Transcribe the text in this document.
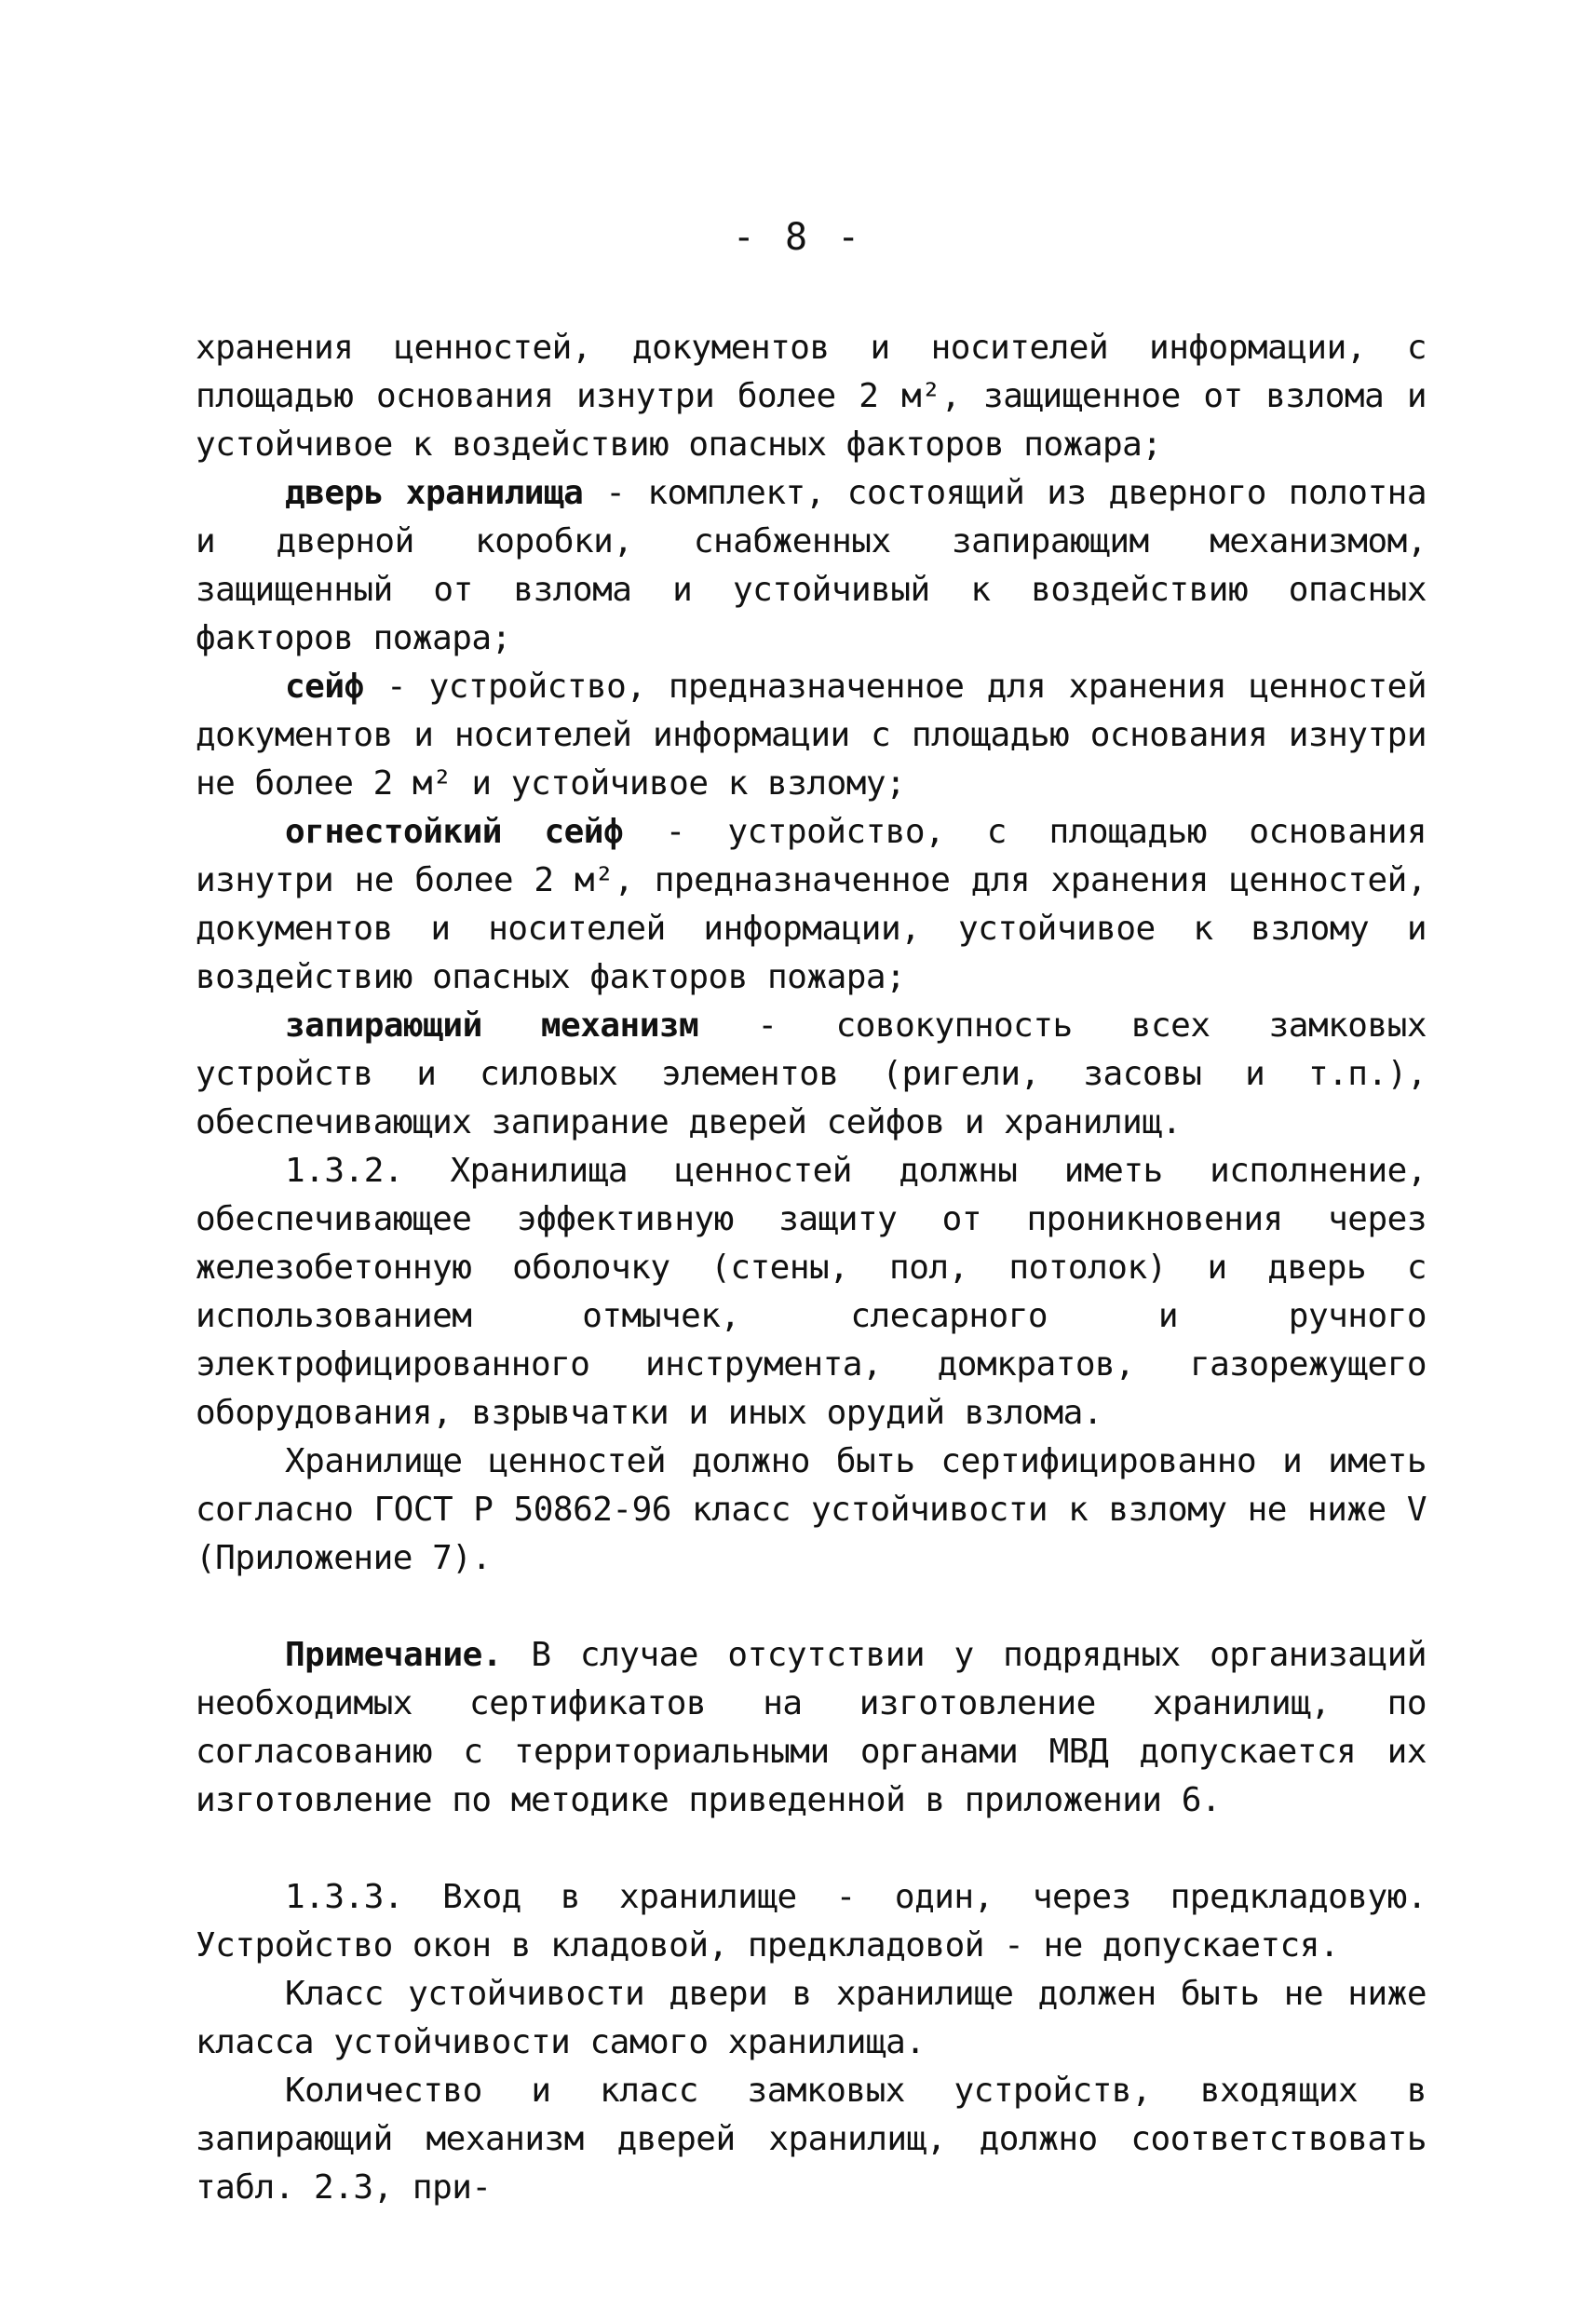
- 8 -

хранения ценностей, документов и носителей информации, с площадью основания изнутри более 2 м², защищенное от взлома и устойчивое к воздействию опасных факторов пожара;

дверь хранилища - комплект, состоящий из дверного полотна и дверной коробки, снабженных запирающим механизмом, защищенный от взлома и устойчивый к воздействию опасных факторов пожара;

сейф - устройство, предназначенное для хранения ценностей документов и носителей информации с площадью основания изнутри не более 2 м² и устойчивое к взлому;

огнестойкий сейф - устройство, с площадью основания изнутри не более 2 м², предназначенное для хранения ценностей, документов и носителей информации, устойчивое к взлому и воздействию опасных факторов пожара;

запирающий механизм - совокупность всех замковых устройств и силовых элементов (ригели, засовы и т.п.), обеспечивающих запирание дверей сейфов и хранилищ.

1.3.2. Хранилища ценностей должны иметь исполнение, обеспечивающее эффективную защиту от проникновения через железобетонную оболочку (стены, пол, потолок) и дверь с использованием отмычек, слесарного и ручного электрофицированного инструмента, домкратов, газорежущего оборудования, взрывчатки и иных орудий взлома.

Хранилище ценностей должно быть сертифицированно и иметь согласно ГОСТ Р 50862-96 класс устойчивости к взлому не ниже V (Приложение 7).

Примечание. В случае отсутствии у подрядных организаций необходимых сертификатов на изготовление хранилищ, по согласованию с территориальными органами МВД допускается их изготовление по методике приведенной в приложении 6.

1.3.3. Вход в хранилище - один, через предкладовую. Устройство окон в кладовой, предкладовой - не допускается.

Класс устойчивости двери в хранилище должен быть не ниже класса устойчивости самого хранилища.

Количество и класс замковых устройств, входящих в запирающий механизм дверей хранилищ, должно соответствовать табл. 2.3, при-
